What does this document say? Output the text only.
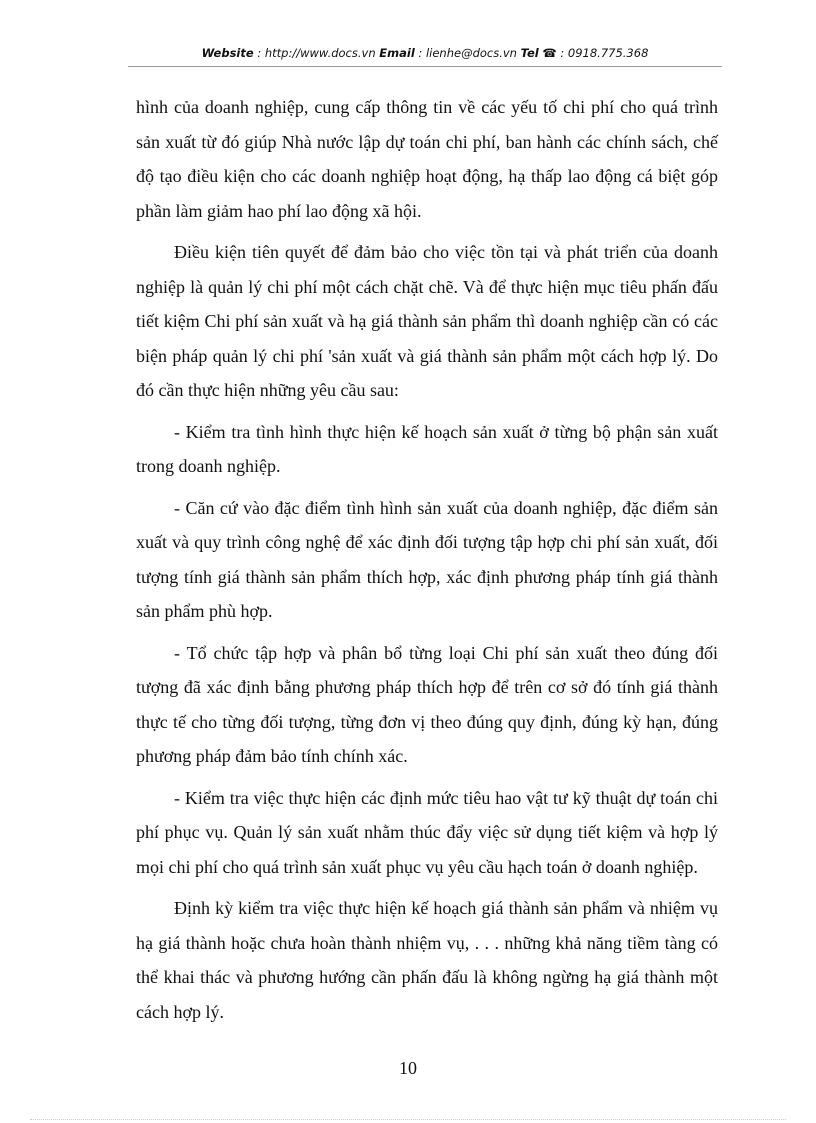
Website : http://www.docs.vn Email : lienhe@docs.vn Tel ☎ : 0918.775.368

hình của doanh nghiệp, cung cấp thông tin về các yếu tố chi phí cho quá trình sản xuất từ đó giúp Nhà nước lập dự toán chi phí, ban hành các chính sách, chế độ tạo điều kiện cho các doanh nghiệp hoạt động, hạ thấp lao động cá biệt góp phần làm giảm hao phí lao động xã hội.

Điều kiện tiên quyết để đảm bảo cho việc tồn tại và phát triển của doanh nghiệp là quản lý chi phí một cách chặt chẽ. Và để thực hiện mục tiêu phấn đấu tiết kiệm Chi phí sản xuất và hạ giá thành sản phẩm thì doanh nghiệp cần có các biện pháp quản lý chi phí 'sản xuất và giá thành sản phẩm một cách hợp lý. Do đó cần thực hiện những yêu cầu sau:

- Kiểm tra tình hình thực hiện kế hoạch sản xuất ở từng bộ phận sản xuất trong doanh nghiệp.

- Căn cứ vào đặc điểm tình hình sản xuất của doanh nghiệp, đặc điểm sản xuất và quy trình công nghệ để xác định đối tượng tập hợp chi phí sản xuất, đối tượng tính giá thành sản phẩm thích hợp, xác định phương pháp tính giá thành sản phẩm phù hợp.

- Tổ chức tập hợp và phân bổ từng loại Chi phí sản xuất theo đúng đối tượng đã xác định bằng phương pháp thích hợp để trên cơ sở đó tính giá thành thực tế cho từng đối tượng, từng đơn vị theo đúng quy định, đúng kỳ hạn, đúng phương pháp đảm bảo tính chính xác.

- Kiểm tra việc thực hiện các định mức tiêu hao vật tư kỹ thuật dự toán chi phí phục vụ. Quản lý sản xuất nhằm thúc đẩy việc sử dụng tiết kiệm và hợp lý mọi chi phí cho quá trình sản xuất phục vụ yêu cầu hạch toán ở doanh nghiệp.

Định kỳ kiểm tra việc thực hiện kế hoạch giá thành sản phẩm và nhiệm vụ hạ giá thành hoặc chưa hoàn thành nhiệm vụ, . . . những khả năng tiềm tàng có thể khai thác và phương hướng cần phấn đấu là không ngừng hạ giá thành một cách hợp lý.

10
